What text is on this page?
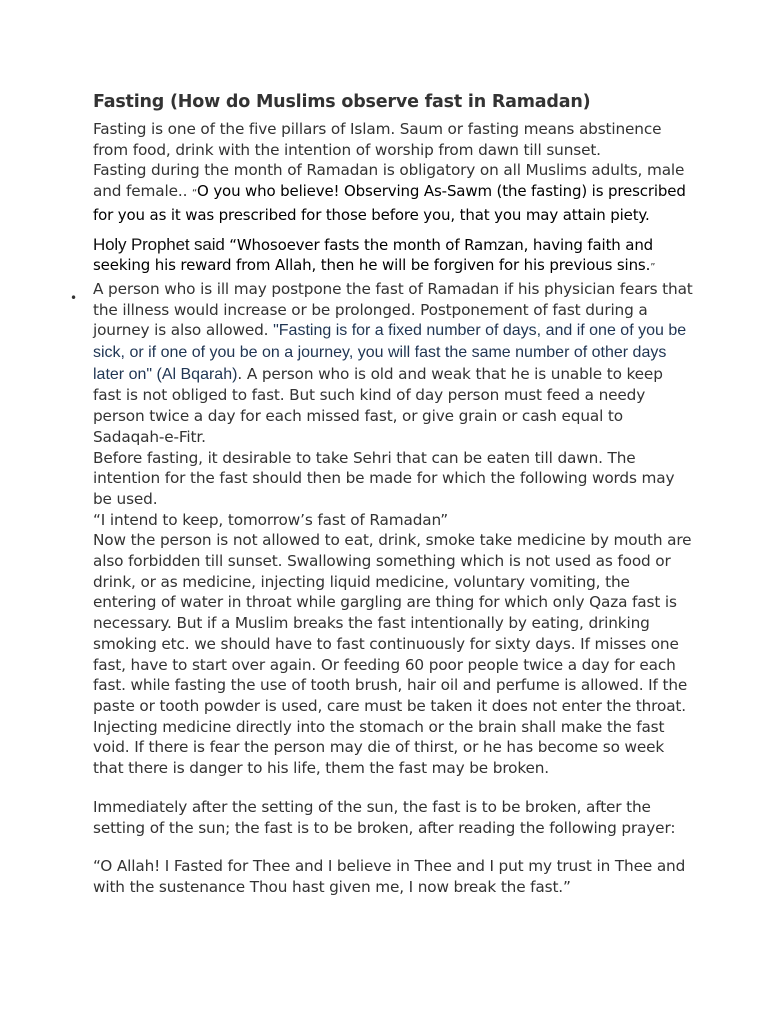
•
Fasting (How do Muslims observe fast in Ramadan)

Fasting is one of the five pillars of Islam. Saum or fasting means abstinence from food, drink with the intention of worship from dawn till sunset.

Fasting during the month of Ramadan is obligatory on all Muslims adults, male and female.. “O you who believe! Observing As-Sawm (the fasting) is prescribed for you as it was prescribed for those before you, that you may attain piety.

Holy Prophet said “Whosoever fasts the month of Ramzan, having faith and seeking his reward from Allah, then he will be forgiven for his previous sins.”

A person who is ill may postpone the fast of Ramadan if his physician fears that the illness would increase or be prolonged. Postponement of fast during a journey is also allowed. "Fasting is for a fixed number of days, and if one of you be sick, or if one of you be on a journey, you will fast the same number of other days later on" (Al Bqarah). A person who is old and weak that he is unable to keep fast is not obliged to fast. But such kind of day person must feed a needy person twice a day for each missed fast, or give grain or cash equal to Sadaqah-e-Fitr.

Before fasting, it desirable to take Sehri that can be eaten till dawn. The intention for the fast should then be made for which the following words may be used.

“I intend to keep, tomorrow’s fast of Ramadan”

Now the person is not allowed to eat, drink, smoke take medicine by mouth are also forbidden till sunset. Swallowing something which is not used as food or drink, or as medicine, injecting liquid medicine, voluntary vomiting, the entering of water in throat while gargling are thing for which only Qaza fast is necessary. But if a Muslim breaks the fast intentionally by eating, drinking smoking etc. we should have to fast continuously for sixty days. If misses one fast, have to start over again. Or feeding 60 poor people twice a day for each fast. while fasting the use of tooth brush, hair oil and perfume is allowed. If the paste or tooth powder is used, care must be taken it does not enter the throat. Injecting medicine directly into the stomach or the brain shall make the fast void. If there is fear the person may die of thirst, or he has become so week that there is danger to his life, them the fast may be broken.

Immediately after the setting of the sun, the fast is to be broken, after the setting of the sun; the fast is to be broken, after reading the following prayer:

“O Allah! I Fasted for Thee and I believe in Thee and I put my trust in Thee and with the sustenance Thou hast given me, I now break the fast.”
